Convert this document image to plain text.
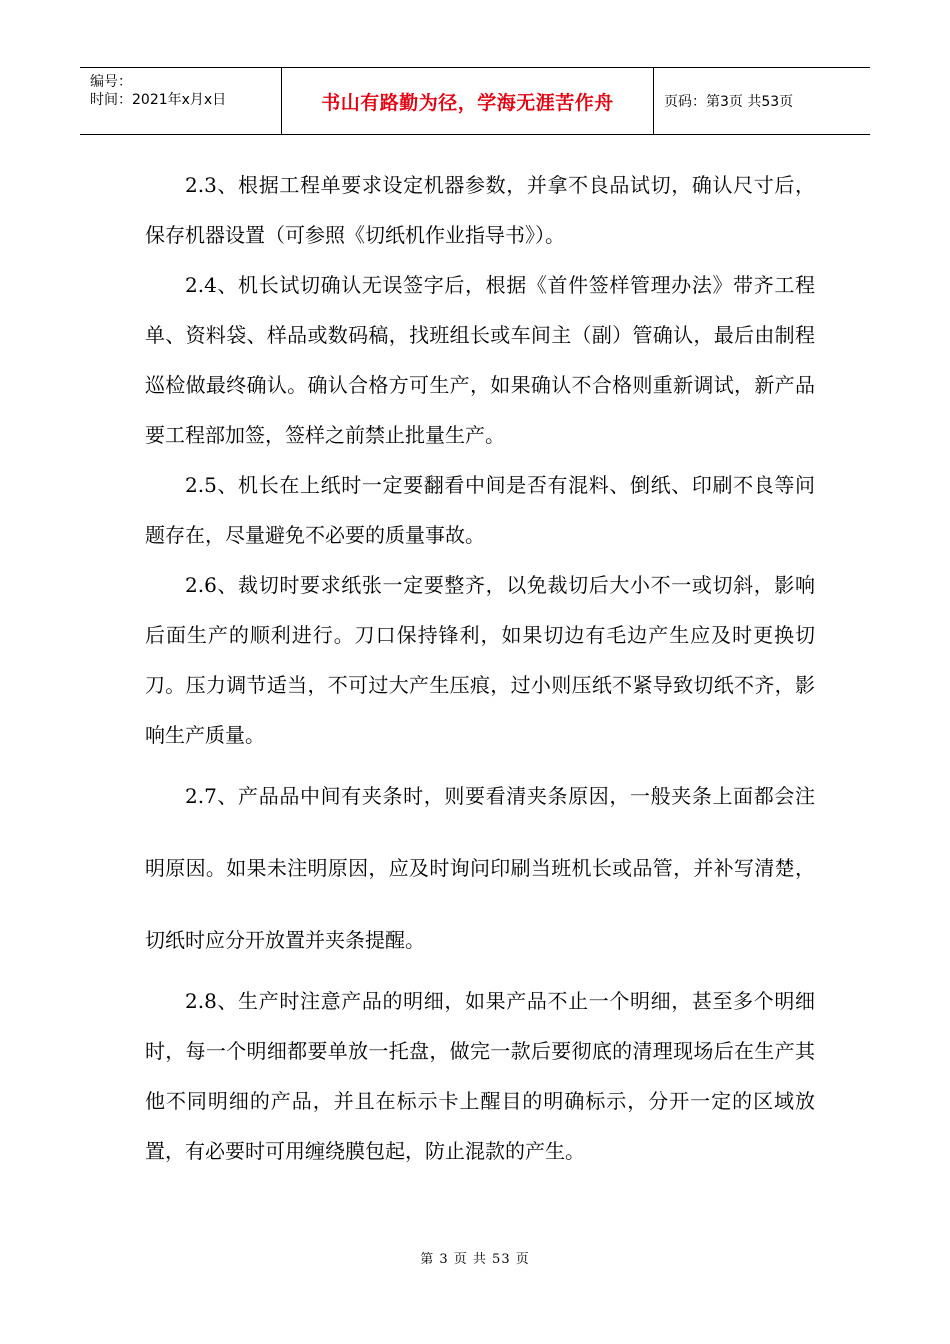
编号：
时间：2021年x月x日	书山有路勤为径，学海无涯苦作舟	页码：第3页 共53页

2.3、根据工程单要求设定机器参数，并拿不良品试切，确认尺寸后，保存机器设置（可参照《切纸机作业指导书》）。

2.4、机长试切确认无误签字后，根据《首件签样管理办法》带齐工程单、资料袋、样品或数码稿，找班组长或车间主（副）管确认，最后由制程巡检做最终确认。确认合格方可生产，如果确认不合格则重新调试，新产品要工程部加签，签样之前禁止批量生产。

2.5、机长在上纸时一定要翻看中间是否有混料、倒纸、印刷不良等问题存在，尽量避免不必要的质量事故。

2.6、裁切时要求纸张一定要整齐，以免裁切后大小不一或切斜，影响后面生产的顺利进行。刀口保持锋利，如果切边有毛边产生应及时更换切刀。压力调节适当，不可过大产生压痕，过小则压纸不紧导致切纸不齐，影响生产质量。

2.7、产品品中间有夹条时，则要看清夹条原因，一般夹条上面都会注明原因。如果未注明原因，应及时询问印刷当班机长或品管，并补写清楚，切纸时应分开放置并夹条提醒。

2.8、生产时注意产品的明细，如果产品不止一个明细，甚至多个明细时，每一个明细都要单放一托盘，做完一款后要彻底的清理现场后在生产其他不同明细的产品，并且在标示卡上醒目的明确标示，分开一定的区域放置，有必要时可用缠绕膜包起，防止混款的产生。

第 3 页 共 53 页
